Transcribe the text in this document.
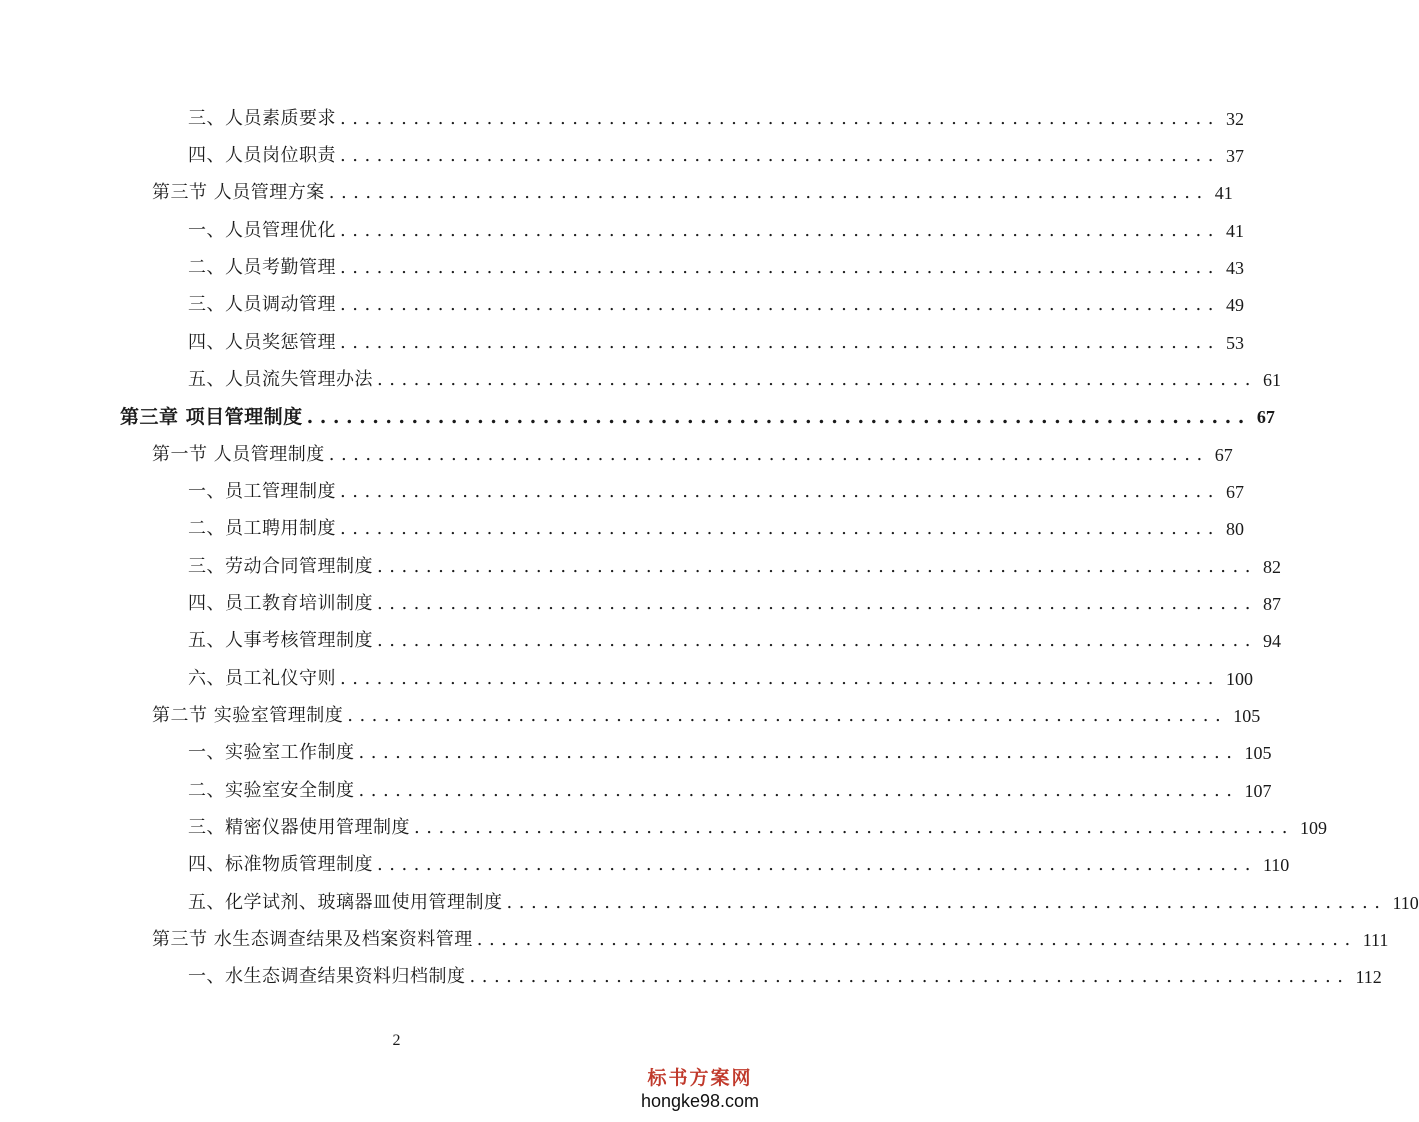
三、人员素质要求 ........................................................................ 32
四、人员岗位职责 ........................................................................ 37
第三节 人员管理方案 ........................................................................ 41
一、人员管理优化 ........................................................................ 41
二、人员考勤管理 ........................................................................ 43
三、人员调动管理 ........................................................................ 49
四、人员奖惩管理 ........................................................................ 53
五、人员流失管理办法 ........................................................................ 61
第三章 项目管理制度 ........................................................................ 67
第一节 人员管理制度 ........................................................................ 67
一、员工管理制度 ........................................................................ 67
二、员工聘用制度 ........................................................................ 80
三、劳动合同管理制度 ........................................................................ 82
四、员工教育培训制度 ........................................................................ 87
五、人事考核管理制度 ........................................................................ 94
六、员工礼仪守则 ........................................................................ 100
第二节 实验室管理制度 ........................................................................ 105
一、实验室工作制度 ........................................................................ 105
二、实验室安全制度 ........................................................................ 107
三、精密仪器使用管理制度 ........................................................................ 109
四、标准物质管理制度 ........................................................................ 110
五、化学试剂、玻璃器皿使用管理制度 ........................................................................ 110
第三节 水生态调查结果及档案资料管理 ........................................................................ 111
一、水生态调查结果资料归档制度 ........................................................................ 112
2
标书方案网
hongke98.com
